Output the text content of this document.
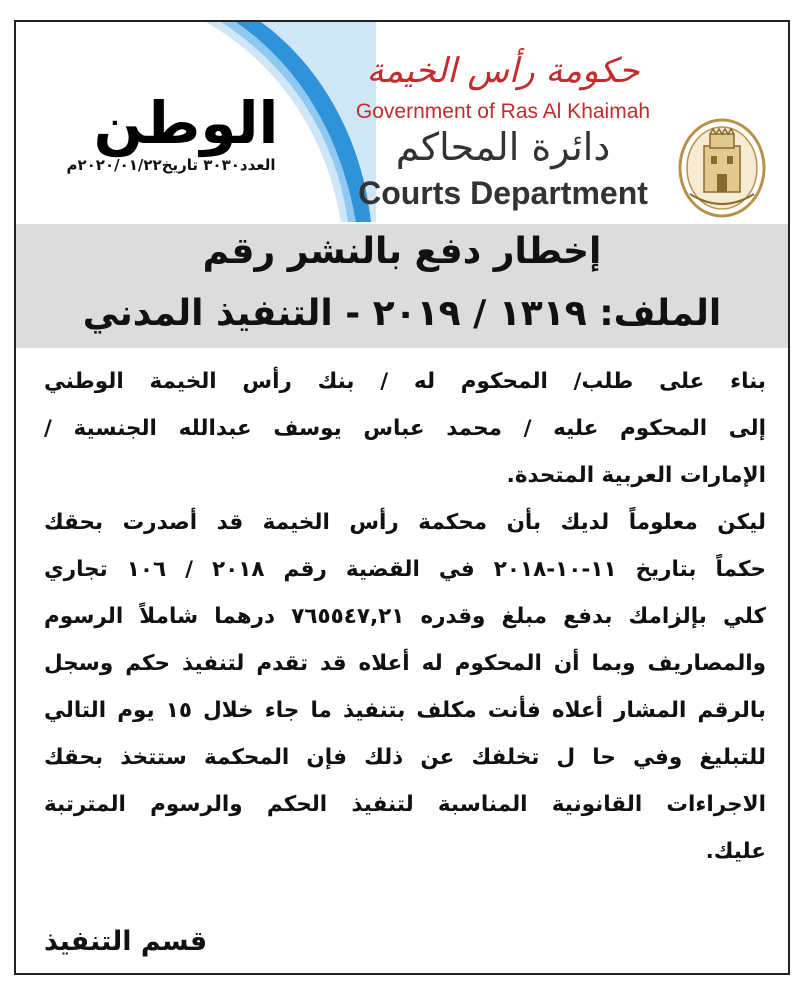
الوطن
العدد٣٠٣٠ تاريخ٢٠٢٠/٠١/٢٢م
حكومة رأس الخيمة
Government of Ras Al Khaimah
دائرة المحاكم
Courts Department
إخطار دفع بالنشر رقم
الملف: ١٣١٩ / ٢٠١٩ - التنفيذ المدني
بناء على طلب/ المحكوم له / بنك رأس الخيمة الوطني
إلى المحكوم عليه / محمد عباس يوسف عبدالله الجنسية /
الإمارات العربية المتحدة.
ليكن معلوماً لديك بأن محكمة رأس الخيمة قد أصدرت بحقك
حكماً بتاريخ ١١-١٠-٢٠١٨ في القضية رقم ٢٠١٨ / ١٠٦ تجاري
كلي بإلزامك بدفع مبلغ وقدره ٧٦٥٥٤٧,٢١ درهما شاملاً الرسوم
والمصاريف وبما أن المحكوم له أعلاه قد تقدم لتنفيذ حكم وسجل
بالرقم المشار أعلاه فأنت مكلف بتنفيذ ما جاء خلال ١٥ يوم التالي
للتبليغ وفي حا ل تخلفك عن ذلك فإن المحكمة ستتخذ بحقك
الاجراءات القانونية المناسبة لتنفيذ الحكم والرسوم المترتبة
عليك.
قسم التنفيذ
